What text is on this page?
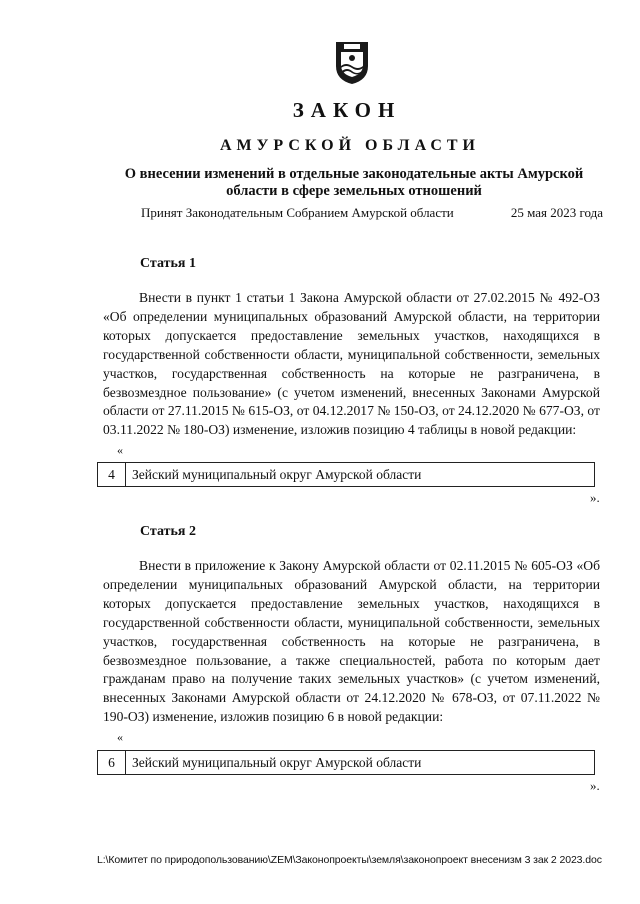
ЗАКОН
АМУРСКОЙ ОБЛАСТИ
О внесении изменений в отдельные законодательные акты Амурской области в сфере земельных отношений
Принят Законодательным Собранием Амурской области	25 мая 2023 года
Статья 1

Внести в пункт 1 статьи 1 Закона Амурской области от 27.02.2015 № 492-ОЗ «Об определении муниципальных образований Амурской области, на территории которых допускается предоставление земельных участков, находящихся в государственной собственности области, муниципальной собственности, земельных участков, государственная собственность на которые не разграничена, в безвозмездное пользование» (с учетом изменений, внесенных Законами Амурской области от 27.11.2015 № 615-ОЗ, от 04.12.2017 № 150-ОЗ, от 24.12.2020 № 677-ОЗ, от 03.11.2022 № 180-ОЗ) изменение, изложив позицию 4 таблицы в новой редакции:

«
4	Зейский муниципальный округ Амурской области
».
Статья 2

Внести в приложение к Закону Амурской области от 02.11.2015 № 605-ОЗ «Об определении муниципальных образований Амурской области, на территории которых допускается предоставление земельных участков, находящихся в государственной собственности области, муниципальной собственности, земельных участков, государственная собственность на которые не разграничена, в безвозмездное пользование, а также специальностей, работа по которым дает гражданам право на получение таких земельных участков» (с учетом изменений, внесенных Законами Амурской области от 24.12.2020 № 678-ОЗ, от 07.11.2022 № 190-ОЗ) изменение, изложив позицию 6 в новой редакции:

«
6	Зейский муниципальный округ Амурской области
».
L:\Комитет по природопользованию\ZEM\Законопроекты\земля\законопроект внесенизм 3 зак 2 2023.doc
